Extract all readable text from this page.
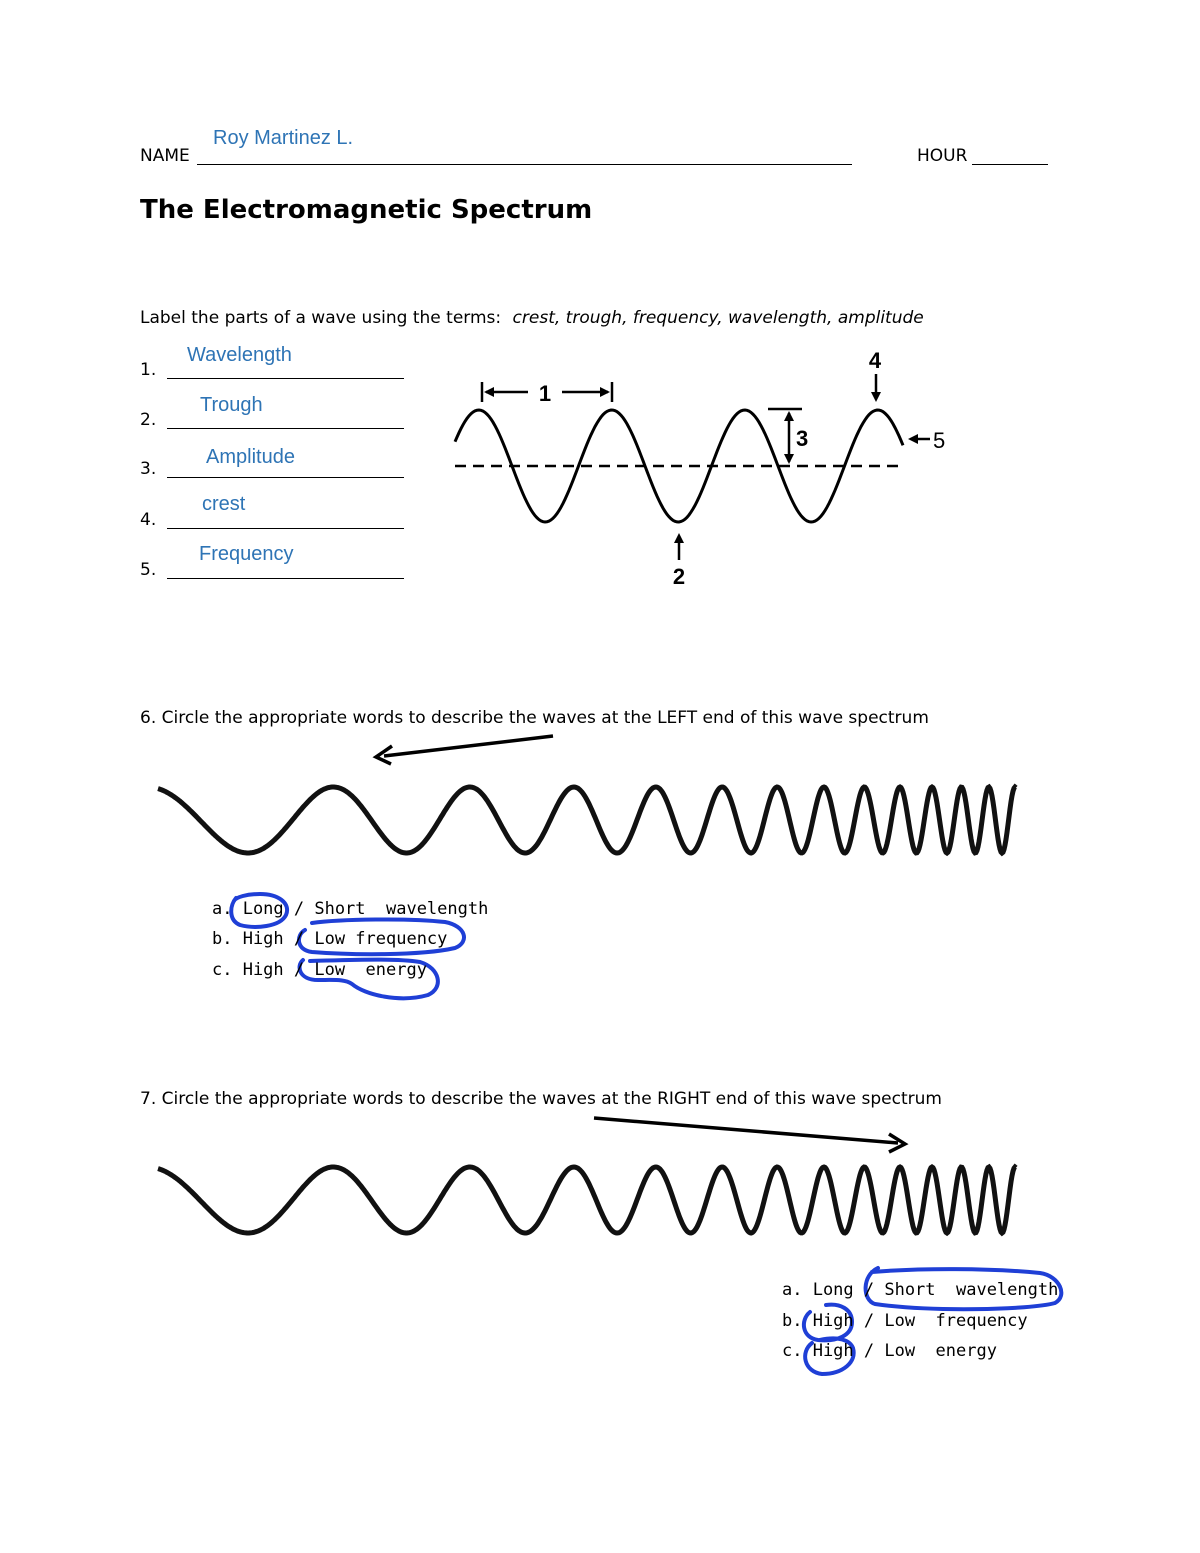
Roy Martinez L.
NAME	HOUR
The Electromagnetic Spectrum
Label the parts of a wave using the terms: crest, trough, frequency, wavelength, amplitude
1.
Wavelength
2.
Trough
3.
Amplitude
4.
crest
5.
Frequency
1
3
4
5
2
6. Circle the appropriate words to describe the waves at the LEFT end of this wave spectrum
a. Long / Short  wavelength
b. High / Low frequency
c. High / Low  energy
7. Circle the appropriate words to describe the waves at the RIGHT end of this wave spectrum
a. Long / Short  wavelength
b. High / Low  frequency
c. High / Low  energy
